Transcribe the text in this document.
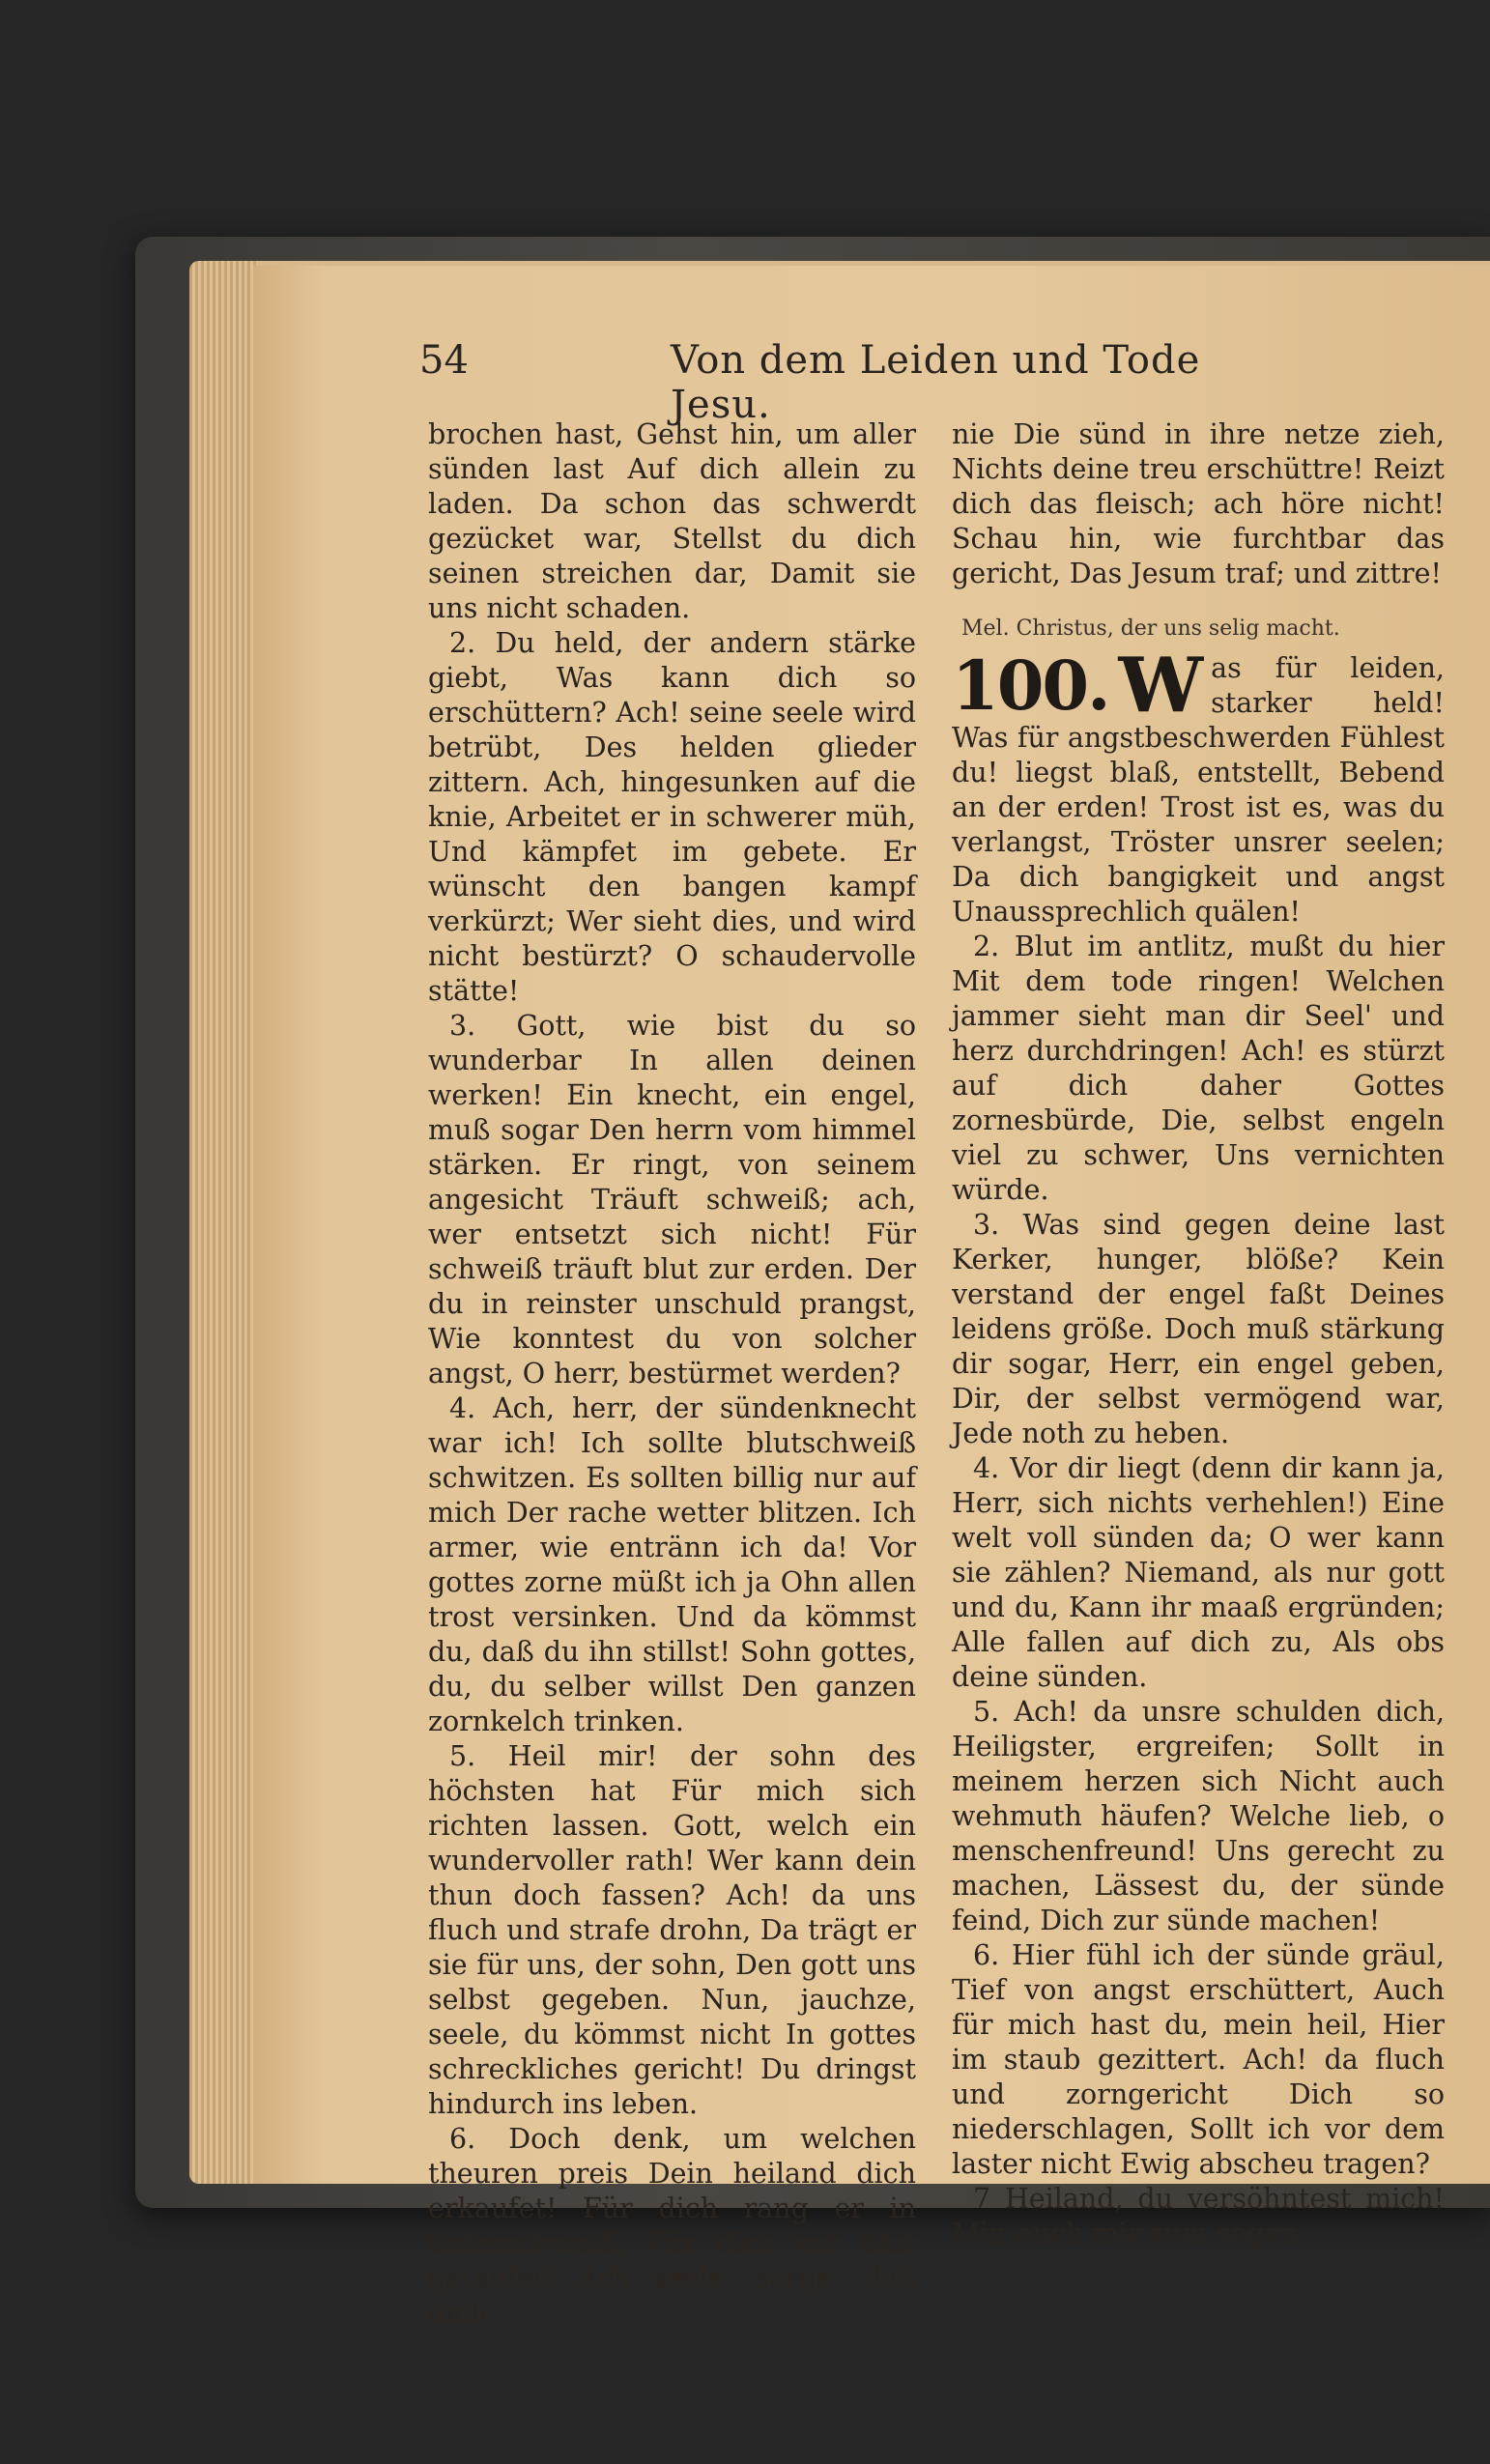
54	Von dem Leiden und Tode Jesu.

brochen hast, Gehst hin, um aller sünden last Auf dich allein zu laden. Da schon das schwerdt gezücket war, Stellst du dich seinen streichen dar, Damit sie uns nicht schaden.

2. Du held, der andern stärke giebt, Was kann dich so erschüttern? Ach! seine seele wird betrübt, Des helden glieder zittern. Ach, hingesunken auf die knie, Arbeitet er in schwerer müh, Und kämpfet im gebete. Er wünscht den bangen kampf verkürzt; Wer sieht dies, und wird nicht bestürzt? O schaudervolle stätte!

3. Gott, wie bist du so wunderbar In allen deinen werken! Ein knecht, ein engel, muß sogar Den herrn vom himmel stärken. Er ringt, von seinem angesicht Träuft schweiß; ach, wer entsetzt sich nicht! Für schweiß träuft blut zur erden. Der du in reinster unschuld prangst, Wie konntest du von solcher angst, O herr, bestürmet werden?

4. Ach, herr, der sündenknecht war ich! Ich sollte blutschweiß schwitzen. Es sollten billig nur auf mich Der rache wetter blitzen. Ich armer, wie entränn ich da! Vor gottes zorne müßt ich ja Ohn allen trost versinken. Und da kömmst du, daß du ihn stillst! Sohn gottes, du, du selber willst Den ganzen zornkelch trinken.

5. Heil mir! der sohn des höchsten hat Für mich sich richten lassen. Gott, welch ein wundervoller rath! Wer kann dein thun doch fassen? Ach! da uns fluch und strafe drohn, Da trägt er sie für uns, der sohn, Den gott uns selbst gegeben. Nun, jauchze, seele, du kömmst nicht In gottes schreckliches gericht! Du dringst hindurch ins leben.

6. Doch denk, um welchen theuren preis Dein heiland dich erkaufet! Für dich rang er in todesschweiß, Für dich mit blut getaufet! Ach seele, sorge, daß dich

nie Die sünd in ihre netze zieh, Nichts deine treu erschüttre! Reizt dich das fleisch; ach höre nicht! Schau hin, wie furchtbar das gericht, Das Jesum traf; und zittre!

Mel. Christus, der uns selig macht.
100. W as für leiden, starker held! Was für angstbeschwerden Fühlest du! liegst blaß, entstellt, Bebend an der erden! Trost ist es, was du verlangst, Tröster unsrer seelen; Da dich bangigkeit und angst Unaussprechlich quälen!

2. Blut im antlitz, mußt du hier Mit dem tode ringen! Welchen jammer sieht man dir Seel' und herz durchdringen! Ach! es stürzt auf dich daher Gottes zornesbürde, Die, selbst engeln viel zu schwer, Uns vernichten würde.

3. Was sind gegen deine last Kerker, hunger, blöße? Kein verstand der engel faßt Deines leidens größe. Doch muß stärkung dir sogar, Herr, ein engel geben, Dir, der selbst vermögend war, Jede noth zu heben.

4. Vor dir liegt (denn dir kann ja, Herr, sich nichts verhehlen!) Eine welt voll sünden da; O wer kann sie zählen? Niemand, als nur gott und du, Kann ihr maaß ergründen; Alle fallen auf dich zu, Als obs deine sünden.

5. Ach! da unsre schulden dich, Heiligster, ergreifen; Sollt in meinem herzen sich Nicht auch wehmuth häufen? Welche lieb, o menschenfreund! Uns gerecht zu machen, Lässest du, der sünde feind, Dich zur sünde machen!

6. Hier fühl ich der sünde gräul, Tief von angst erschüttert, Auch für mich hast du, mein heil, Hier im staub gezittert. Ach! da fluch und zorngericht Dich so niederschlagen, Sollt ich vor dem laster nicht Ewig abscheu tragen?

7 Heiland, du versöhntest mich! Mir, auch mir zum segen
